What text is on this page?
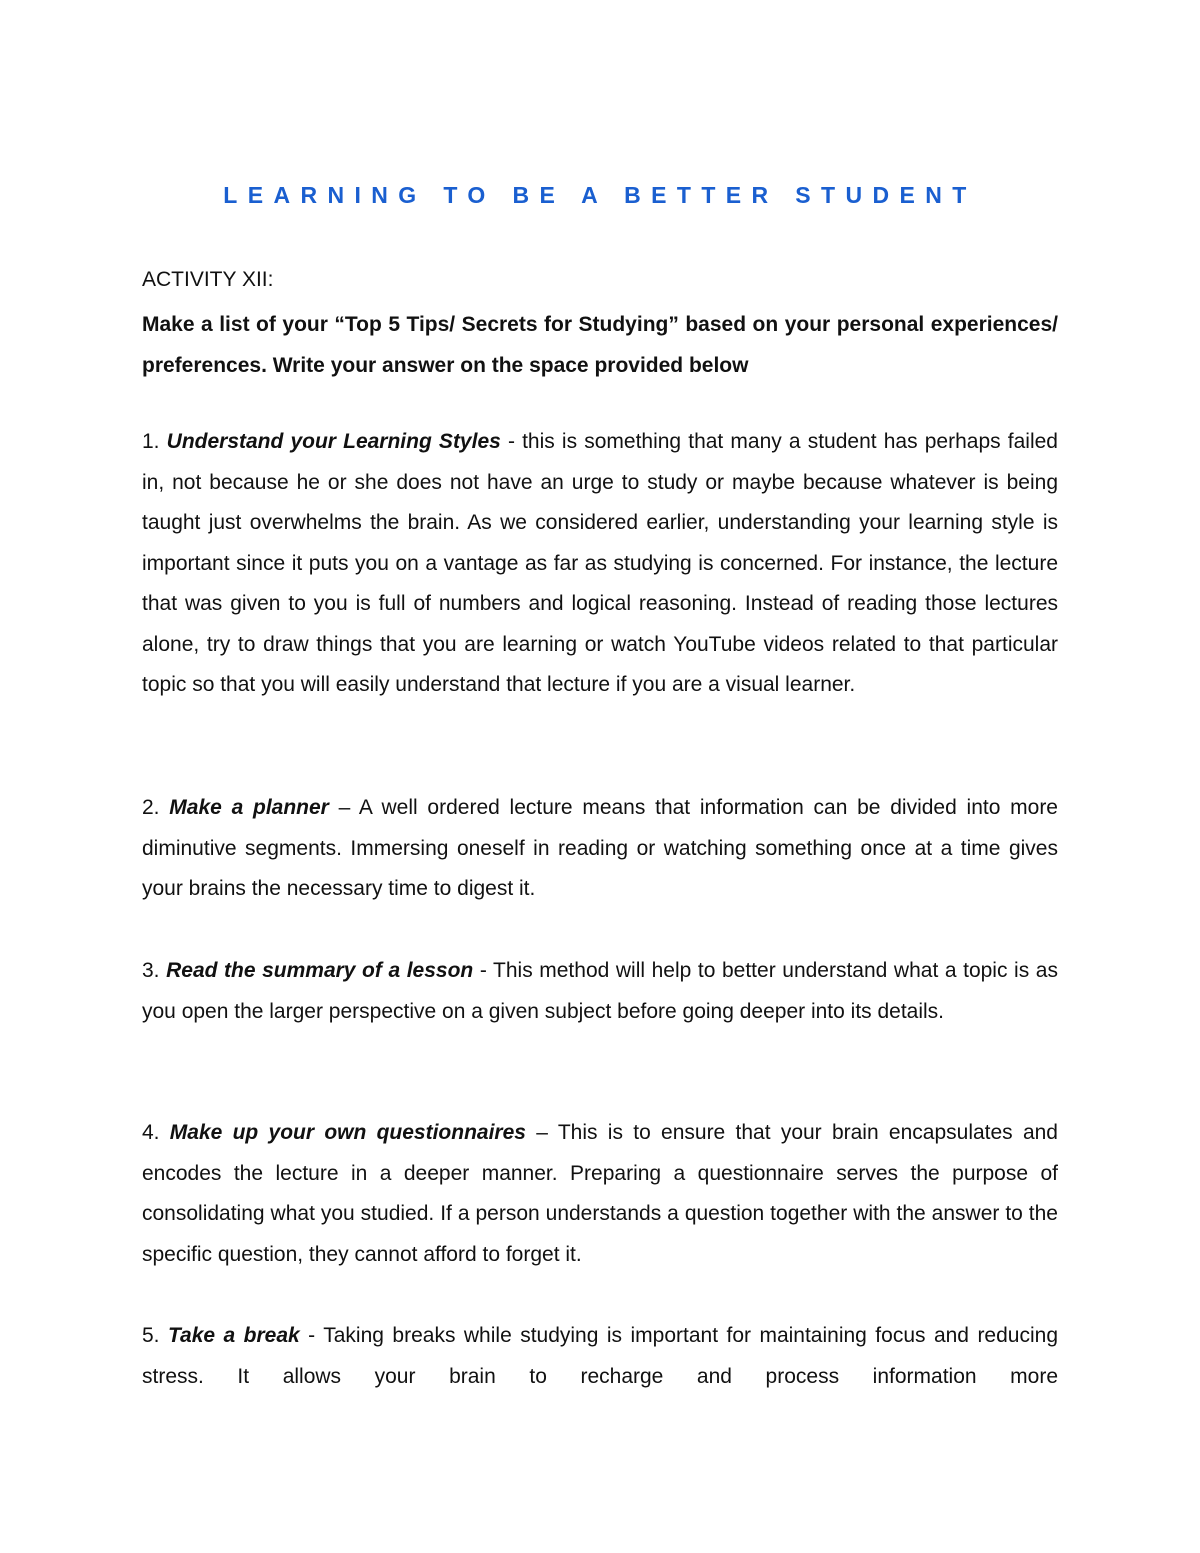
LEARNING TO BE A BETTER STUDENT
ACTIVITY XII:
Make a list of your “Top 5 Tips/ Secrets for Studying” based on your personal experiences/ preferences. Write your answer on the space provided below
1. Understand your Learning Styles - this is something that many a student has perhaps failed in, not because he or she does not have an urge to study or maybe because whatever is being taught just overwhelms the brain. As we considered earlier, understanding your learning style is important since it puts you on a vantage as far as studying is concerned. For instance, the lecture that was given to you is full of numbers and logical reasoning. Instead of reading those lectures alone, try to draw things that you are learning or watch YouTube videos related to that particular topic so that you will easily understand that lecture if you are a visual learner.
2. Make a planner – A well ordered lecture means that information can be divided into more diminutive segments. Immersing oneself in reading or watching something once at a time gives your brains the necessary time to digest it.
3. Read the summary of a lesson - This method will help to better understand what a topic is as you open the larger perspective on a given subject before going deeper into its details.
4. Make up your own questionnaires – This is to ensure that your brain encapsulates and encodes the lecture in a deeper manner. Preparing a questionnaire serves the purpose of consolidating what you studied. If a person understands a question together with the answer to the specific question, they cannot afford to forget it.
5. Take a break - Taking breaks while studying is important for maintaining focus and reducing stress. It allows your brain to recharge and process information more
